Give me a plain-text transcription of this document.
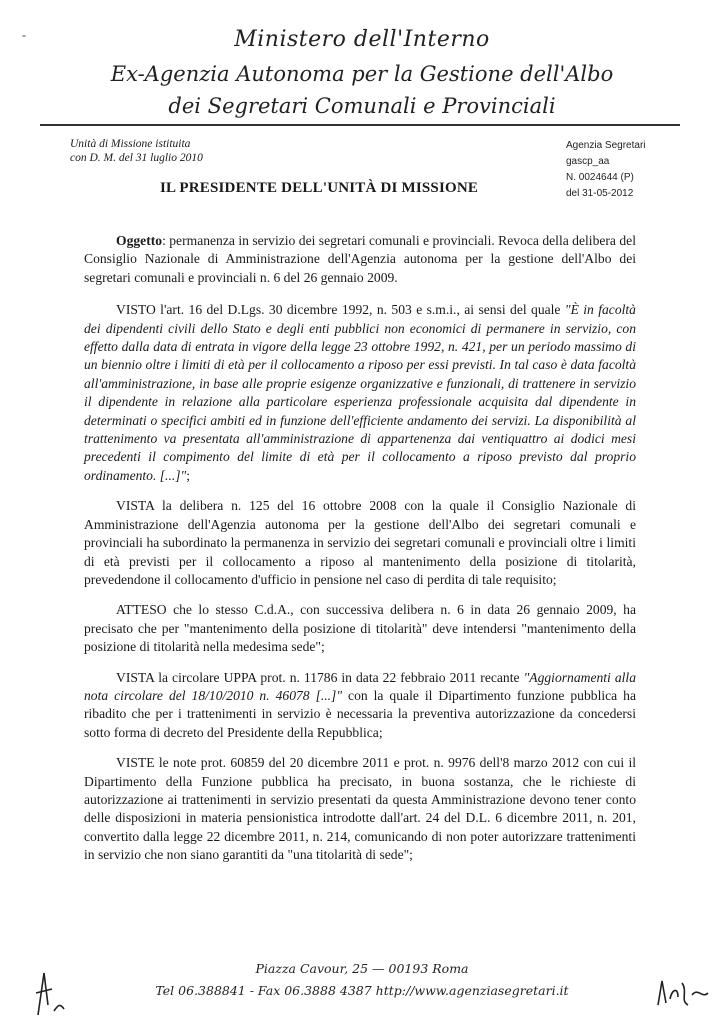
-	Ministero dell'Interno
Ex-Agenzia Autonoma per la Gestione dell'Albo
dei Segretari Comunali e Provinciali
Unità di Missione istituita
con D. M. del 31 luglio 2010
Agenzia Segretari
gascp_aa
N. 0024644 (P)
del 31-05-2012
IL PRESIDENTE DELL'UNITÀ DI MISSIONE

Oggetto: permanenza in servizio dei segretari comunali e provinciali. Revoca della delibera del Consiglio Nazionale di Amministrazione dell'Agenzia autonoma per la gestione dell'Albo dei segretari comunali e provinciali n. 6 del 26 gennaio 2009.

VISTO l'art. 16 del D.Lgs. 30 dicembre 1992, n. 503 e s.m.i., ai sensi del quale "È in facoltà dei dipendenti civili dello Stato e degli enti pubblici non economici di permanere in servizio, con effetto dalla data di entrata in vigore della legge 23 ottobre 1992, n. 421, per un periodo massimo di un biennio oltre i limiti di età per il collocamento a riposo per essi previsti. In tal caso è data facoltà all'amministrazione, in base alle proprie esigenze organizzative e funzionali, di trattenere in servizio il dipendente in relazione alla particolare esperienza professionale acquisita dal dipendente in determinati o specifici ambiti ed in funzione dell'efficiente andamento dei servizi. La disponibilità al trattenimento va presentata all'amministrazione di appartenenza dai ventiquattro ai dodici mesi precedenti il compimento del limite di età per il collocamento a riposo previsto dal proprio ordinamento. [...]";

VISTA la delibera n. 125 del 16 ottobre 2008 con la quale il Consiglio Nazionale di Amministrazione dell'Agenzia autonoma per la gestione dell'Albo dei segretari comunali e provinciali ha subordinato la permanenza in servizio dei segretari comunali e provinciali oltre i limiti di età previsti per il collocamento a riposo al mantenimento della posizione di titolarità, prevedendone il collocamento d'ufficio in pensione nel caso di perdita di tale requisito;

ATTESO che lo stesso C.d.A., con successiva delibera n. 6 in data 26 gennaio 2009, ha precisato che per "mantenimento della posizione di titolarità" deve intendersi "mantenimento della posizione di titolarità nella medesima sede";

VISTA la circolare UPPA prot. n. 11786 in data 22 febbraio 2011 recante "Aggiornamenti alla nota circolare del 18/10/2010 n. 46078 [...]" con la quale il Dipartimento funzione pubblica ha ribadito che per i trattenimenti in servizio è necessaria la preventiva autorizzazione da concedersi sotto forma di decreto del Presidente della Repubblica;

VISTE le note prot. 60859 del 20 dicembre 2011 e prot. n. 9976 dell'8 marzo 2012 con cui il Dipartimento della Funzione pubblica ha precisato, in buona sostanza, che le richieste di autorizzazione ai trattenimenti in servizio presentati da questa Amministrazione devono tener conto delle disposizioni in materia pensionistica introdotte dall'art. 24 del D.L. 6 dicembre 2011, n. 201, convertito dalla legge 22 dicembre 2011, n. 214, comunicando di non poter autorizzare trattenimenti in servizio che non siano garantiti da "una titolarità di sede";

Piazza Cavour, 25 — 00193 Roma
Tel 06.388841 - Fax 06.3888 4387 http://www.agenziasegretari.it
